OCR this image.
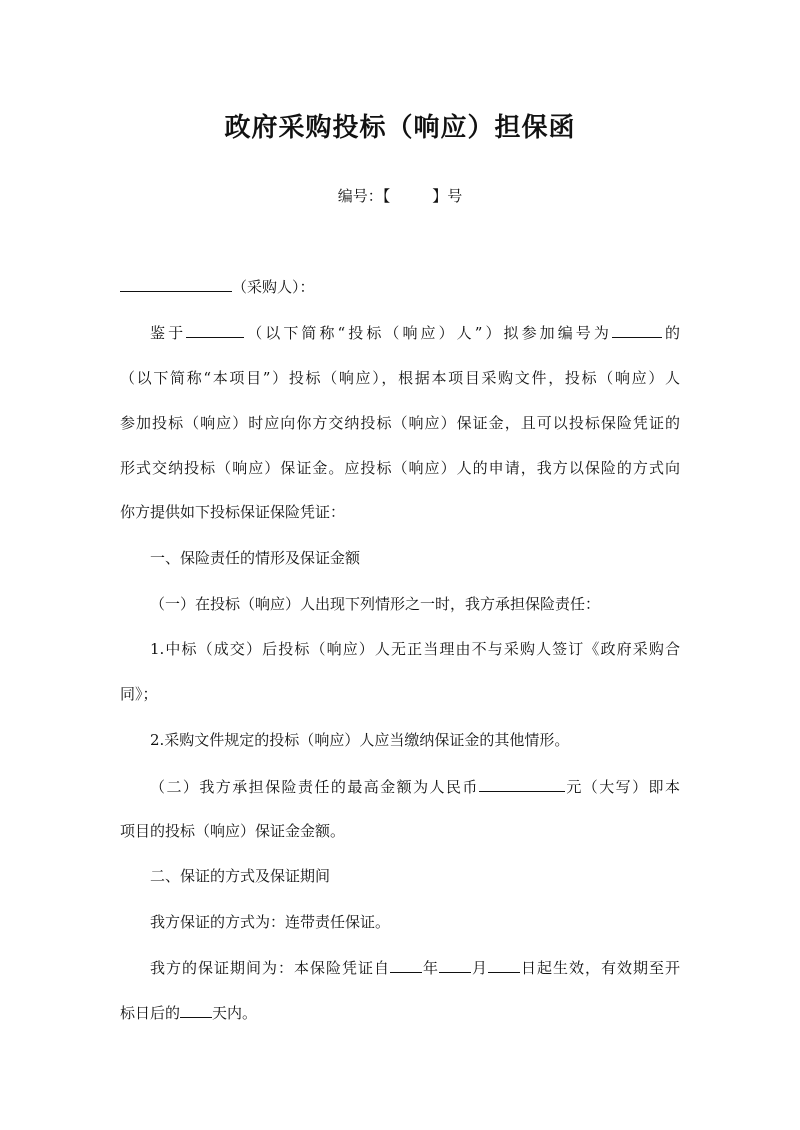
政府采购投标（响应）担保函
编号：【	】号
（采购人）：
鉴于	（以下简称“投标（响应）人”）拟参加编号为	的
（以下简称“本项目”）投标（响应），根据本项目采购文件，投标（响应）人
参加投标（响应）时应向你方交纳投标（响应）保证金，且可以投标保险凭证的
形式交纳投标（响应）保证金。应投标（响应）人的申请，我方以保险的方式向
你方提供如下投标保证保险凭证：
一、保险责任的情形及保证金额
（一）在投标（响应）人出现下列情形之一时，我方承担保险责任：
1.中标（成交）后投标（响应）人无正当理由不与采购人签订《政府采购合
同》；
2.采购文件规定的投标（响应）人应当缴纳保证金的其他情形。
（二）我方承担保险责任的最高金额为人民币	元（大写）即本
项目的投标（响应）保证金金额。
二、保证的方式及保证期间
我方保证的方式为：连带责任保证。
我方的保证期间为：本保险凭证自 年 月 日起生效，有效期至开
标日后的 天内。
